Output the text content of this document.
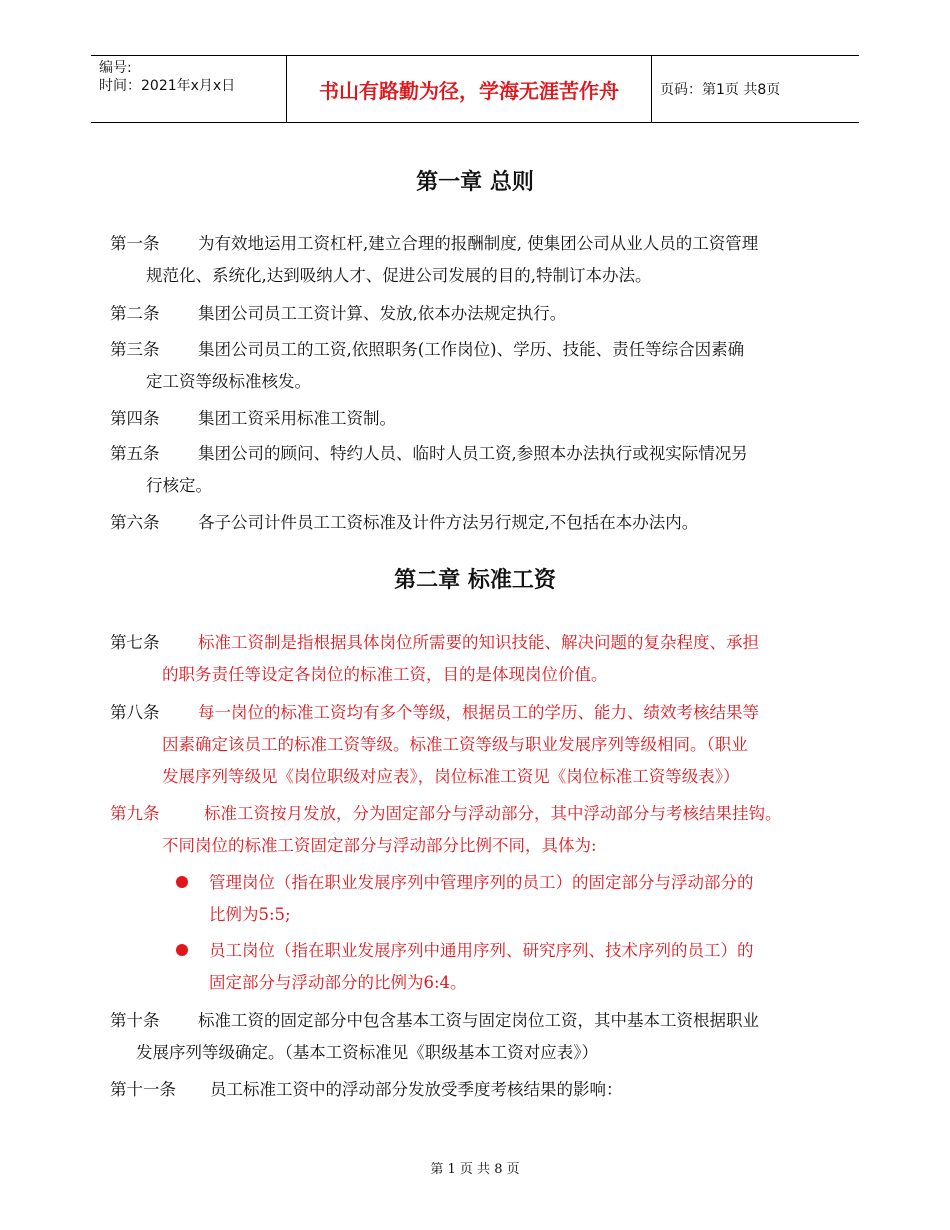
编号:
时间：2021年x月x日	书山有路勤为径，学海无涯苦作舟	页码：第1页 共8页
第一章 总则
第一条 为有效地运用工资杠杆,建立合理的报酬制度, 使集团公司从业人员的工资管理
规范化、系统化,达到吸纳人才、促进公司发展的目的,特制订本办法。
第二条 集团公司员工工资计算、发放,依本办法规定执行。
第三条 集团公司员工的工资,依照职务(工作岗位)、学历、技能、责任等综合因素确
定工资等级标准核发。
第四条 集团工资采用标准工资制。
第五条 集团公司的顾问、特约人员、临时人员工资,参照本办法执行或视实际情况另
行核定。
第六条 各子公司计件员工工资标准及计件方法另行规定,不包括在本办法内。
第二章 标准工资
第七条 标准工资制是指根据具体岗位所需要的知识技能、解决问题的复杂程度、承担
的职务责任等设定各岗位的标准工资，目的是体现岗位价值。
第八条 每一岗位的标准工资均有多个等级，根据员工的学历、能力、绩效考核结果等
因素确定该员工的标准工资等级。标准工资等级与职业发展序列等级相同。（职业
发展序列等级见《岗位职级对应表》，岗位标准工资见《岗位标准工资等级表》）
第九条	标准工资按月发放，分为固定部分与浮动部分，其中浮动部分与考核结果挂钩。
不同岗位的标准工资固定部分与浮动部分比例不同，具体为:
管理岗位（指在职业发展序列中管理序列的员工）的固定部分与浮动部分的
比例为5:5;
员工岗位（指在职业发展序列中通用序列、研究序列、技术序列的员工）的
固定部分与浮动部分的比例为6:4。
第十条 标准工资的固定部分中包含基本工资与固定岗位工资，其中基本工资根据职业
发展序列等级确定。（基本工资标准见《职级基本工资对应表》）
第十一条 员工标准工资中的浮动部分发放受季度考核结果的影响：
第 1 页 共 8 页
